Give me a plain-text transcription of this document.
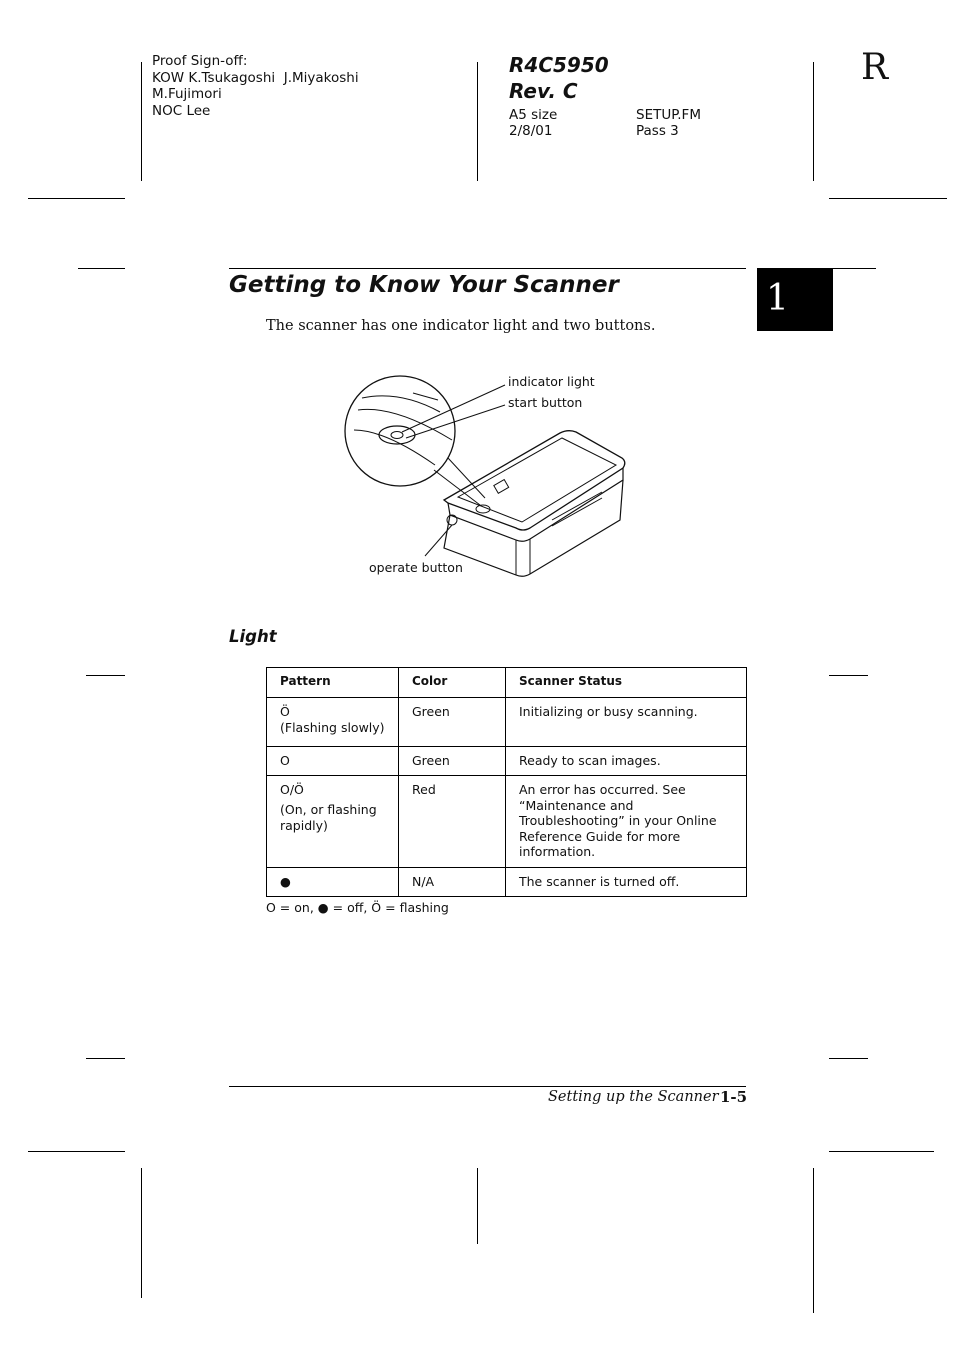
Proof Sign-off:
KOW K.Tsukagoshi  J.Miyakoshi
M.Fujimori
NOC Lee
R4C5950
Rev. C
A5 size	SETUP.FM
2/8/01	Pass 3
R
1
Getting to Know Your Scanner
The scanner has one indicator light and two buttons.
indicator light
start button
operate button
Light
Pattern	Color	Scanner Status

Ö
(Flashing slowly)	Green	Initializing or busy scanning.
O	Green	Ready to scan images.

O/Ö
(On, or flashing rapidly)	Red	An error has occurred. See “Maintenance and Troubleshooting” in your Online Reference Guide for more information.
●	N/A	The scanner is turned off.
O = on, ● = off, Ö = flashing
Setting up the Scanner 1-5
